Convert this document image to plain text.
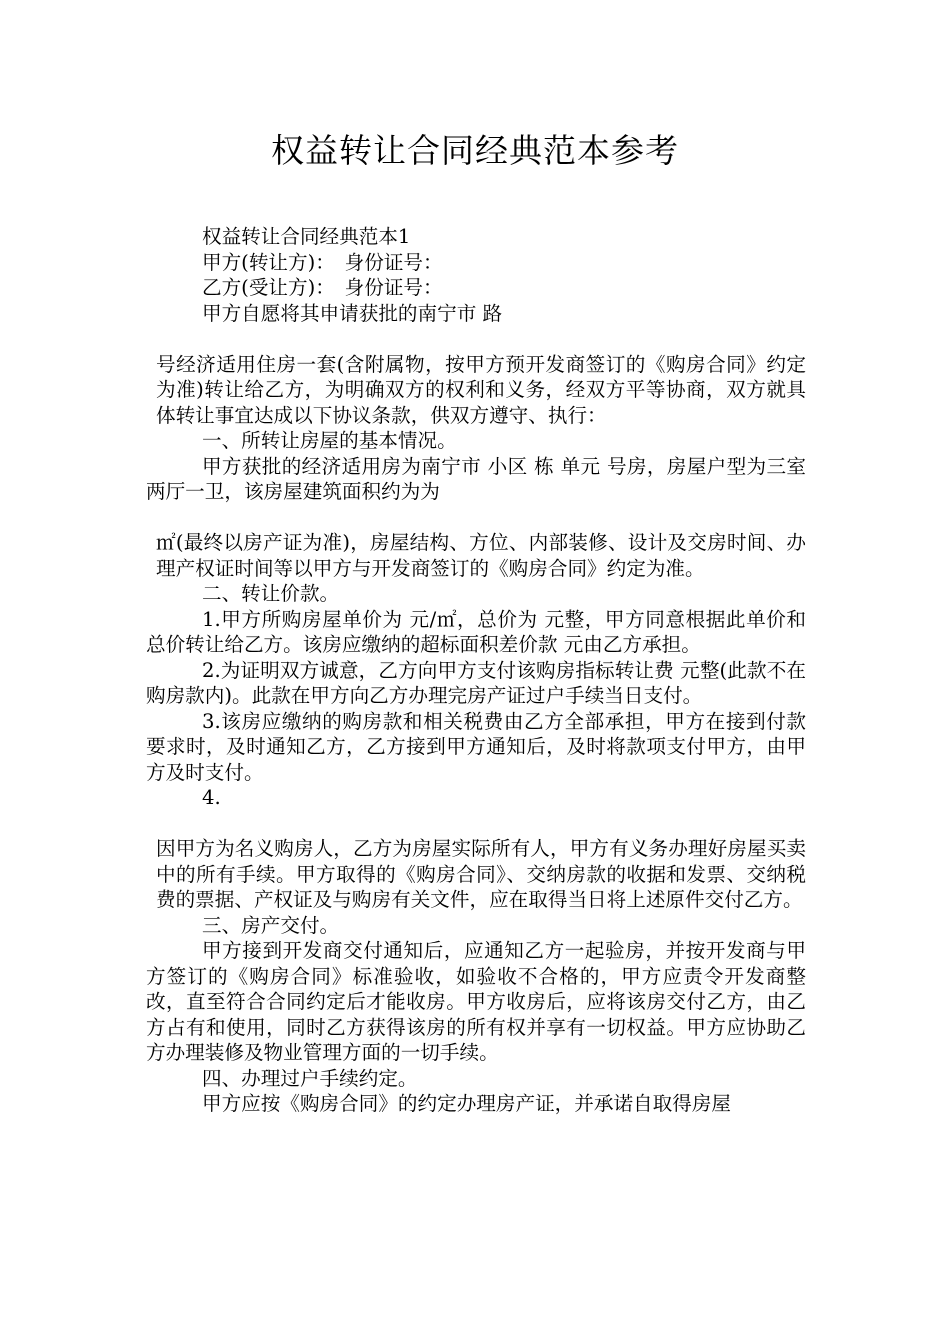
权益转让合同经典范本参考

权益转让合同经典范本1

甲方(转让方)：　身份证号：

乙方(受让方)：　身份证号：

甲方自愿将其申请获批的南宁市 路

号经济适用住房一套(含附属物，按甲方预开发商签订的《购房合同》约定为准)转让给乙方，为明确双方的权利和义务，经双方平等协商，双方就具体转让事宜达成以下协议条款，供双方遵守、执行：

一、所转让房屋的基本情况。

甲方获批的经济适用房为南宁市 小区 栋 单元 号房，房屋户型为三室两厅一卫，该房屋建筑面积约为为

㎡(最终以房产证为准)，房屋结构、方位、内部装修、设计及交房时间、办理产权证时间等以甲方与开发商签订的《购房合同》约定为准。

二、转让价款。

1.甲方所购房屋单价为 元/㎡，总价为 元整，甲方同意根据此单价和总价转让给乙方。该房应缴纳的超标面积差价款 元由乙方承担。

2.为证明双方诚意，乙方向甲方支付该购房指标转让费 元整(此款不在购房款内)。此款在甲方向乙方办理完房产证过户手续当日支付。

3.该房应缴纳的购房款和相关税费由乙方全部承担，甲方在接到付款要求时，及时通知乙方，乙方接到甲方通知后，及时将款项支付甲方，由甲方及时支付。

4.

因甲方为名义购房人，乙方为房屋实际所有人，甲方有义务办理好房屋买卖中的所有手续。甲方取得的《购房合同》、交纳房款的收据和发票、交纳税费的票据、产权证及与购房有关文件，应在取得当日将上述原件交付乙方。

三、房产交付。

甲方接到开发商交付通知后，应通知乙方一起验房，并按开发商与甲方签订的《购房合同》标准验收，如验收不合格的，甲方应责令开发商整改，直至符合合同约定后才能收房。甲方收房后，应将该房交付乙方，由乙方占有和使用，同时乙方获得该房的所有权并享有一切权益。甲方应协助乙方办理装修及物业管理方面的一切手续。

四、办理过户手续约定。

甲方应按《购房合同》的约定办理房产证，并承诺自取得房屋
